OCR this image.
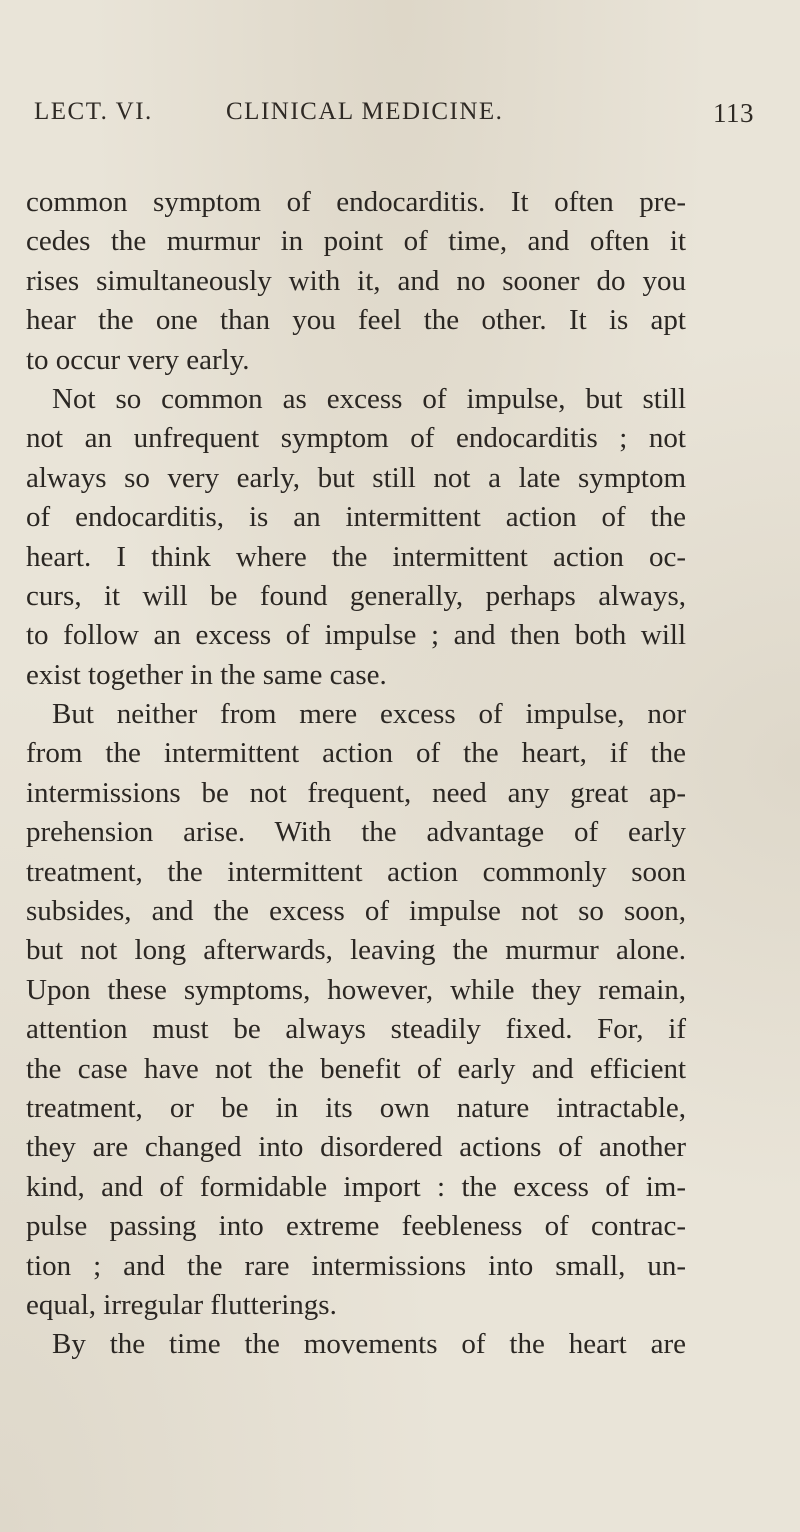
LECT. VI.	CLINICAL MEDICINE.	113
common symptom of endocarditis. It often pre-
cedes the murmur in point of time, and often it
rises simultaneously with it, and no sooner do you
hear the one than you feel the other. It is apt
to occur very early.
Not so common as excess of impulse, but still
not an unfrequent symptom of endocarditis ; not
always so very early, but still not a late symptom
of endocarditis, is an intermittent action of the
heart. I think where the intermittent action oc-
curs, it will be found generally, perhaps always,
to follow an excess of impulse ; and then both will
exist together in the same case.
But neither from mere excess of impulse, nor
from the intermittent action of the heart, if the
intermissions be not frequent, need any great ap-
prehension arise. With the advantage of early
treatment, the intermittent action commonly soon
subsides, and the excess of impulse not so soon,
but not long afterwards, leaving the murmur alone.
Upon these symptoms, however, while they remain,
attention must be always steadily fixed. For, if
the case have not the benefit of early and efficient
treatment, or be in its own nature intractable,
they are changed into disordered actions of another
kind, and of formidable import : the excess of im-
pulse passing into extreme feebleness of contrac-
tion ; and the rare intermissions into small, un-
equal, irregular flutterings.
By the time the movements of the heart are
